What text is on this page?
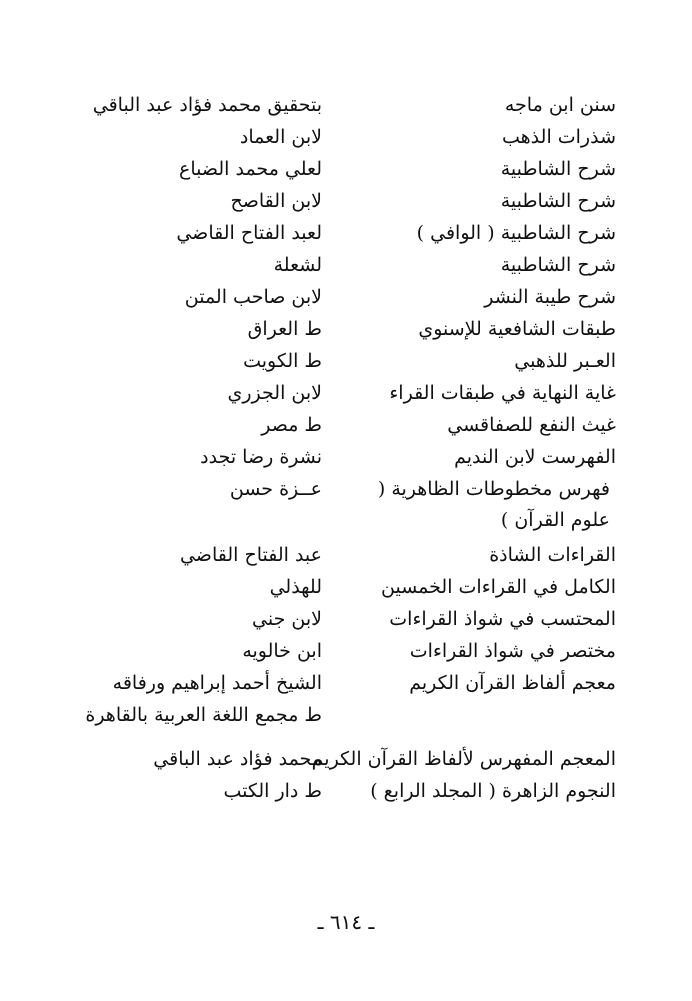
سنن ابن ماجه
بتحقيق محمد فؤاد عبد الباقي
شذرات الذهب
لابن العماد
شرح الشاطبية
لعلي محمد الضباع
شرح الشاطبية
لابن القاصح
شرح الشاطبية ( الوافي )
لعبد الفتاح القاضي
شرح الشاطبية
لشعلة
شرح طيبة النشر
لابن صاحب المتن
طبقات الشافعية للإسنوي
ط العراق
العـبر للذهبي
ط الكويت
غاية النهاية في طبقات القراء
لابن الجزري
غيث النفع للصفاقسي
ط مصر
الفهرست لابن النديم
نشرة رضا تجدد
فهرس مخطوطات الظاهرية ( علوم القرآن )
عــزة حسن
القراءات الشاذة
عبد الفتاح القاضي
الكامل في القراءات الخمسين
للهذلي
المحتسب في شواذ القراءات
لابن جني
مختصر في شواذ القراءات
ابن خالويه
معجم ألفاظ القرآن الكريم
الشيخ أحمد إبراهيم ورفاقه
ط مجمع اللغة العربية بالقاهرة
المعجم المفهرس لألفاظ القرآن الكريم
محمد فؤاد عبد الباقي
النجوم الزاهرة ( المجلد الرابع )
ط دار الكتب
ـ ٦١٤ ـ
